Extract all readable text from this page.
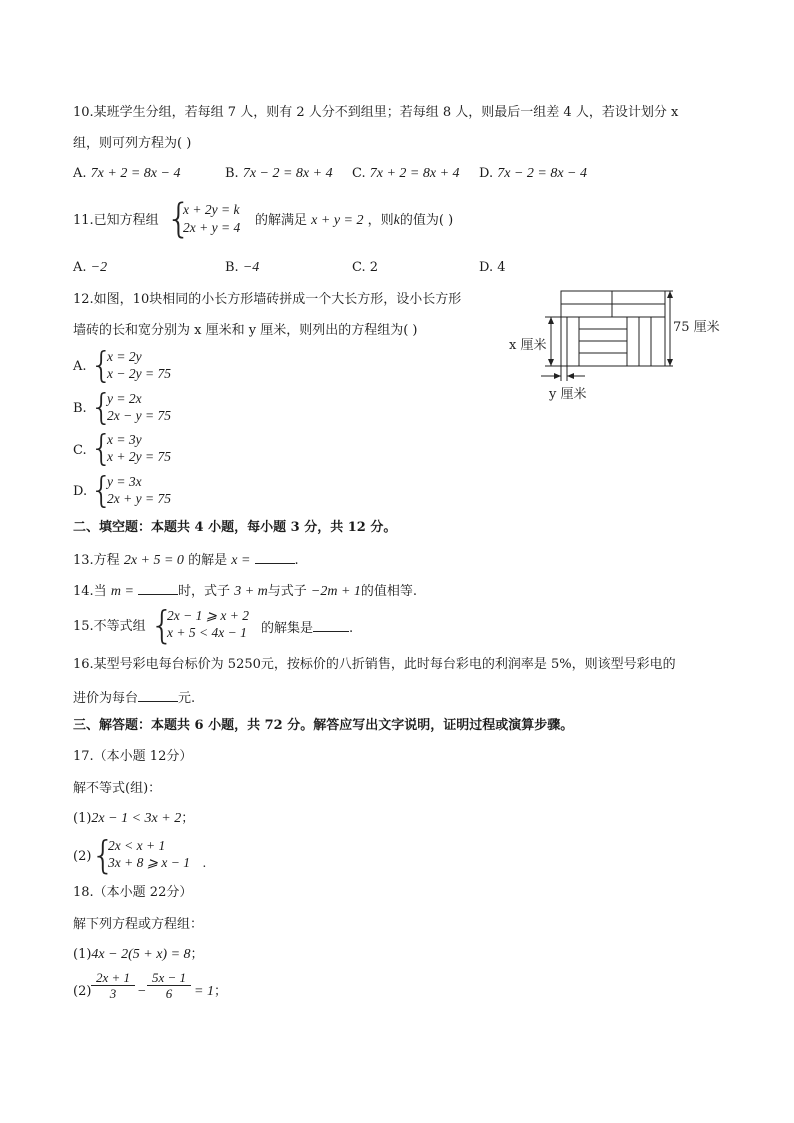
10.某班学生分组，若每组 7 人，则有 2 人分不到组里；若每组 8 人，则最后一组差 4 人，若设计划分 x
组，则可列方程为( )
A. 7x + 2 = 8x − 4	B. 7x − 2 = 8x + 4 C. 7x + 2 = 8x + 4 D. 7x − 2 = 8x − 4
11.已知方程组 {
x + 2y = k
2x + y = 4 的解满足 x + y = 2 ，则k的值为( )
A. −2	B. −4	C. 2	D. 4
12.如图，10块相同的小长方形墙砖拼成一个大长方形，设小长方形
墙砖的长和宽分别为 x 厘米和 y 厘米，则列出的方程组为( )
A. {
x = 2y
x − 2y = 75
B. {
y = 2x
2x − y = 75
C. {
x = 3y
x + 2y = 75
D. {
y = 3x
2x + y = 75
75 厘米
x 厘米
y 厘米
二、填空题：本题共 4 小题，每小题 3 分，共 12 分。
13.方程 2x + 5 = 0 的解是 x =	.
14.当 m =	时，式子 3 + m与式子 −2m + 1的值相等.
15.不等式组 {
2x − 1 ⩾ x + 2
x + 5 < 4x − 1 的解集是	.
16.某型号彩电每台标价为 5250元，按标价的八折销售，此时每台彩电的利润率是 5%，则该型号彩电的
进价为每台	元.
三、解答题：本题共 6 小题，共 72 分。解答应写出文字说明，证明过程或演算步骤。
17.（本小题 12分）
解不等式(组)：
(1)2x − 1 < 3x + 2；
(2) {
2x < x + 1
3x + 8 ⩾ x − 1 .
18.（本小题 22分）
解下列方程或方程组：
(1)4x − 2(5 + x) = 8；
$(2) \frac{2x + 1}{3} - \frac{5x - 1}{6} = 1$；
